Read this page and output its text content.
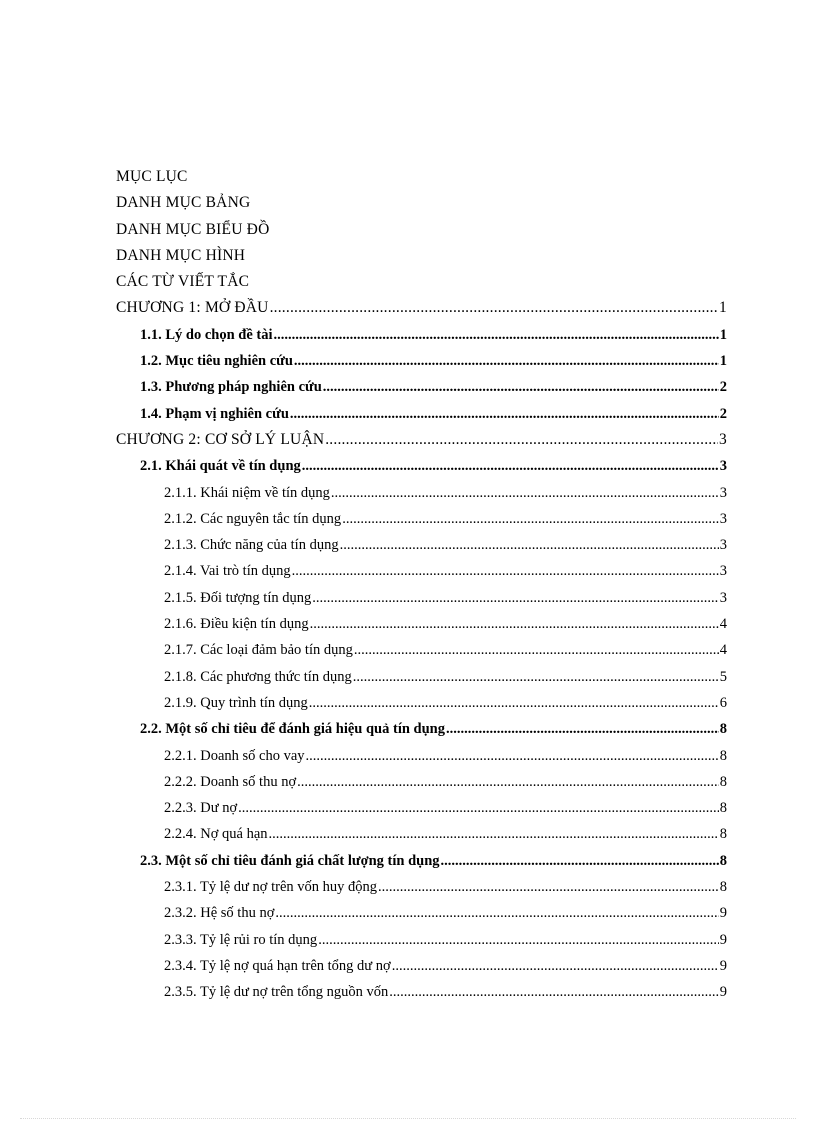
MỤC LỤC
DANH MỤC BẢNG
DANH MỤC BIỂU ĐỒ
DANH MỤC HÌNH
CÁC TỪ VIẾT TẮC
CHƯƠNG 1: MỞ ĐẦU .....	1
1.1. Lý do chọn đề tài .....	1
1.2. Mục tiêu nghiên cứu .....	1
1.3. Phương pháp nghiên cứu .....	2
1.4. Phạm vị nghiên cứu .....	2
CHƯƠNG 2: CƠ SỞ LÝ LUẬN .....	3
2.1. Khái quát về tín dụng .....	3
2.1.1. Khái niệm về tín dụng .....	3
2.1.2. Các nguyên tắc tín dụng .....	3
2.1.3. Chức năng của tín dụng .....	3
2.1.4. Vai trò tín dụng .....	3
2.1.5. Đối tượng tín dụng .....	3
2.1.6. Điều kiện tín dụng .....	4
2.1.7. Các loại đảm bảo tín dụng .....	4
2.1.8. Các phương thức tín dụng .....	5
2.1.9. Quy trình tín dụng .....	6
2.2. Một số chỉ tiêu để đánh giá hiệu quả tín dụng .....	8
2.2.1. Doanh số cho vay .....	8
2.2.2. Doanh số thu nợ .....	8
2.2.3. Dư nợ .....	8
2.2.4. Nợ quá hạn .....	8
2.3. Một số chỉ tiêu đánh giá chất lượng tín dụng .....	8
2.3.1. Tỷ lệ dư nợ trên vốn huy động .....	8
2.3.2. Hệ số thu nợ .....	9
2.3.3. Tỷ lệ rủi ro tín dụng .....	9
2.3.4. Tỷ lệ nợ quá hạn trên tổng dư nợ .....	9
2.3.5. Tỷ lệ dư nợ trên tổng nguồn vốn .....	9
